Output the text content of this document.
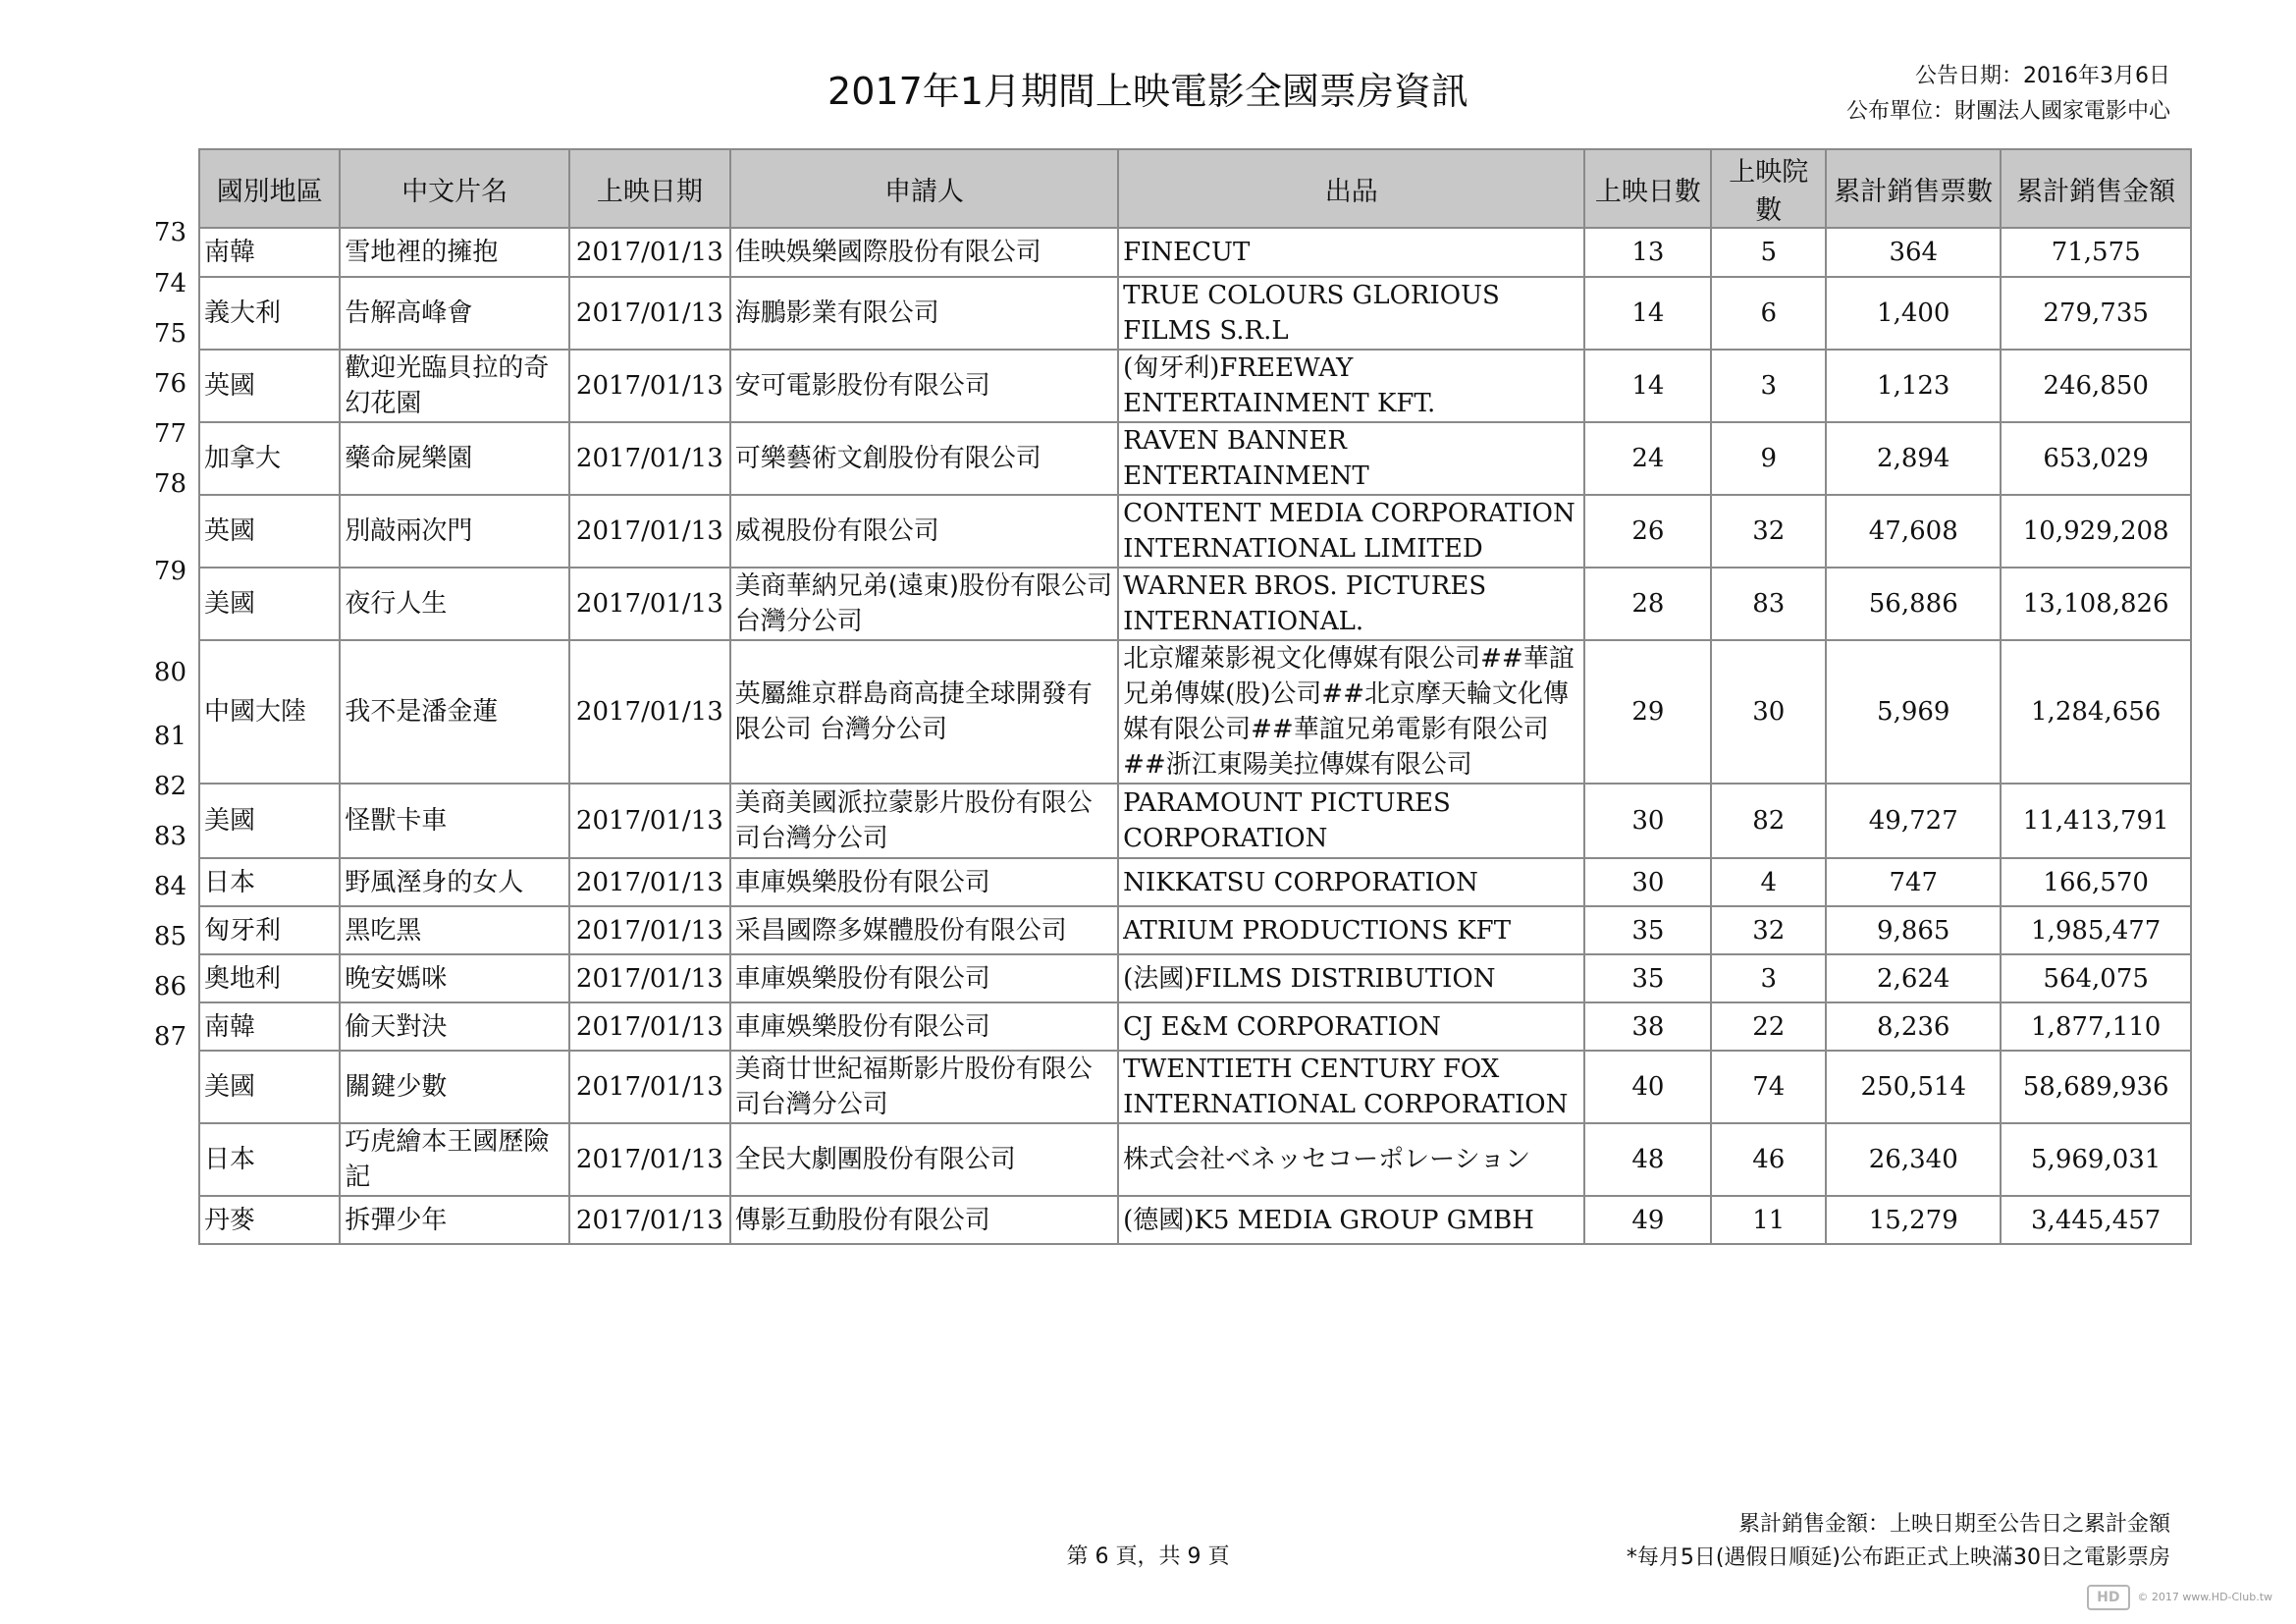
2017年1月期間上映電影全國票房資訊	公告日期：2016年3月6日
公布單位：財團法人國家電影中心
73
74
75
76
77
78
79
80
81
82
83
84
85
86
87
國別地區	中文片名	上映日期	申請人	出品	上映日數	上映院數	累計銷售票數	累計銷售金額
南韓	雪地裡的擁抱	2017/01/13	佳映娛樂國際股份有限公司	FINECUT	13	5	364	71,575
義大利	告解高峰會	2017/01/13	海鵬影業有限公司	TRUE COLOURS GLORIOUS FILMS S.R.L	14	6	1,400	279,735
英國	歡迎光臨貝拉的奇幻花園	2017/01/13	安可電影股份有限公司	(匈牙利)FREEWAY ENTERTAINMENT KFT.	14	3	1,123	246,850
加拿大	藥命屍樂園	2017/01/13	可樂藝術文創股份有限公司	RAVEN BANNER ENTERTAINMENT	24	9	2,894	653,029
英國	別敲兩次門	2017/01/13	威視股份有限公司	CONTENT MEDIA CORPORATION INTERNATIONAL LIMITED	26	32	47,608	10,929,208
美國	夜行人生	2017/01/13	美商華納兄弟(遠東)股份有限公司台灣分公司	WARNER BROS. PICTURES INTERNATIONAL.	28	83	56,886	13,108,826
中國大陸	我不是潘金蓮	2017/01/13	英屬維京群島商高捷全球開發有限公司 台灣分公司	北京耀萊影視文化傳媒有限公司##華誼兄弟傳媒(股)公司##北京摩天輪文化傳媒有限公司##華誼兄弟電影有限公司##浙江東陽美拉傳媒有限公司	29	30	5,969	1,284,656
美國	怪獸卡車	2017/01/13	美商美國派拉蒙影片股份有限公司台灣分公司	PARAMOUNT PICTURES CORPORATION	30	82	49,727	11,413,791
日本	野風溼身的女人	2017/01/13	車庫娛樂股份有限公司	NIKKATSU CORPORATION	30	4	747	166,570
匈牙利	黑吃黑	2017/01/13	采昌國際多媒體股份有限公司	ATRIUM PRODUCTIONS KFT	35	32	9,865	1,985,477
奧地利	晚安媽咪	2017/01/13	車庫娛樂股份有限公司	(法國)FILMS DISTRIBUTION	35	3	2,624	564,075
南韓	偷天對決	2017/01/13	車庫娛樂股份有限公司	CJ E&M CORPORATION	38	22	8,236	1,877,110
美國	關鍵少數	2017/01/13	美商廿世紀福斯影片股份有限公司台灣分公司	TWENTIETH CENTURY FOX INTERNATIONAL CORPORATION	40	74	250,514	58,689,936
日本	巧虎繪本王國歷險記	2017/01/13	全民大劇團股份有限公司	株式会社ベネッセコーポレーション	48	46	26,340	5,969,031
丹麥	拆彈少年	2017/01/13	傳影互動股份有限公司	(德國)K5 MEDIA GROUP GMBH	49	11	15,279	3,445,457
累計銷售金額：上映日期至公告日之累計金額
*每月5日(遇假日順延)公布距正式上映滿30日之電影票房
第 6 頁，共 9 頁
HD © 2017 www.HD-Club.tw
